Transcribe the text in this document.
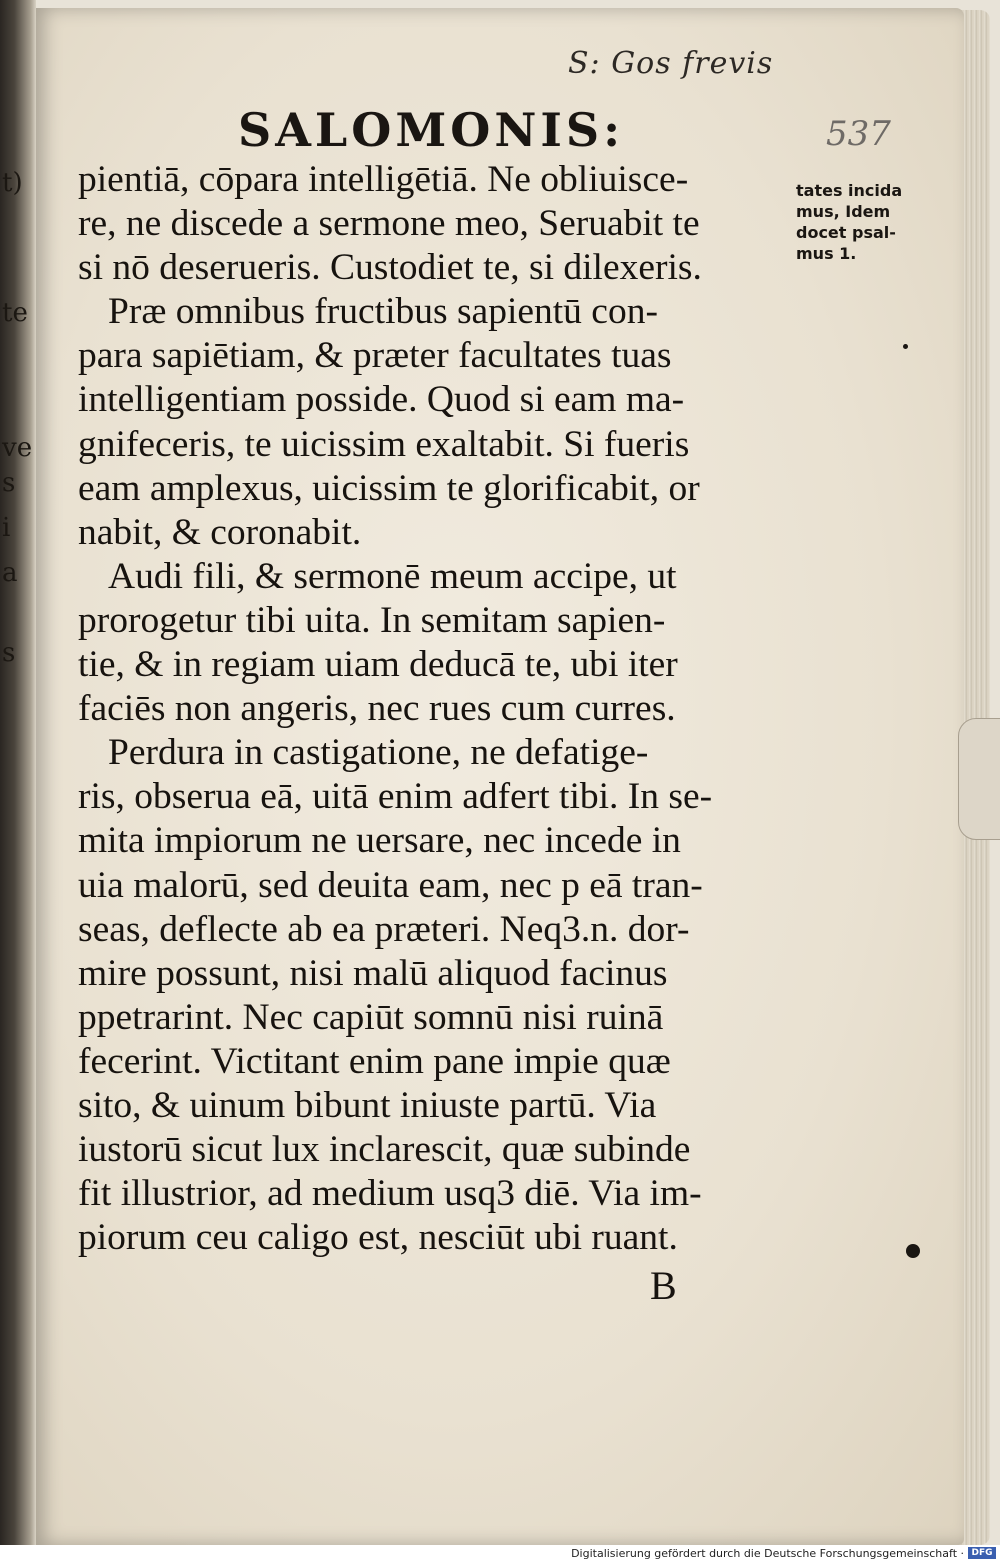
t)
te
ve
s
i
a
s
S: Gos frevis
537
SALOMONIS:
pientiā, cōpara intelligētiā. Ne obliuisce-
re, ne discede a sermone meo, Seruabit te
si nō deserueris. Custodiet te, si dilexeris.
Præ omnibus fructibus sapientū con-
para sapiētiam, & præter facultates tuas
intelligentiam posside. Quod si eam ma-
gnifeceris, te uicissim exaltabit. Si fueris
eam amplexus, uicissim te glorificabit, or
nabit, & coronabit.
Audi fili, & sermonē meum accipe, ut
prorogetur tibi uita. In semitam sapien-
tie, & in regiam uiam deducā te, ubi iter
faciēs non angeris, nec rues cum curres.
Perdura in castigatione, ne defatige-
ris, obserua eā, uitā enim adfert tibi. In se-
mita impiorum ne uersare, nec incede in
uia malorū, sed deuita eam, nec p eā tran-
seas, deflecte ab ea præteri. Neq3.n. dor-
mire possunt, nisi malū aliquod facinus
ppetrarint. Nec capiūt somnū nisi ruinā
fecerint. Victitant enim pane impie quæ
sito, & uinum bibunt iniuste partū. Via
iustorū sicut lux inclarescit, quæ subinde
fit illustrior, ad medium usq3 diē. Via im-
piorum ceu caligo est, nesciūt ubi ruant.
tates incida
mus, Idem
docet psal-
mus 1.
B
Digitalisierung gefördert durch die Deutsche Forschungsgemeinschaft · DFG
